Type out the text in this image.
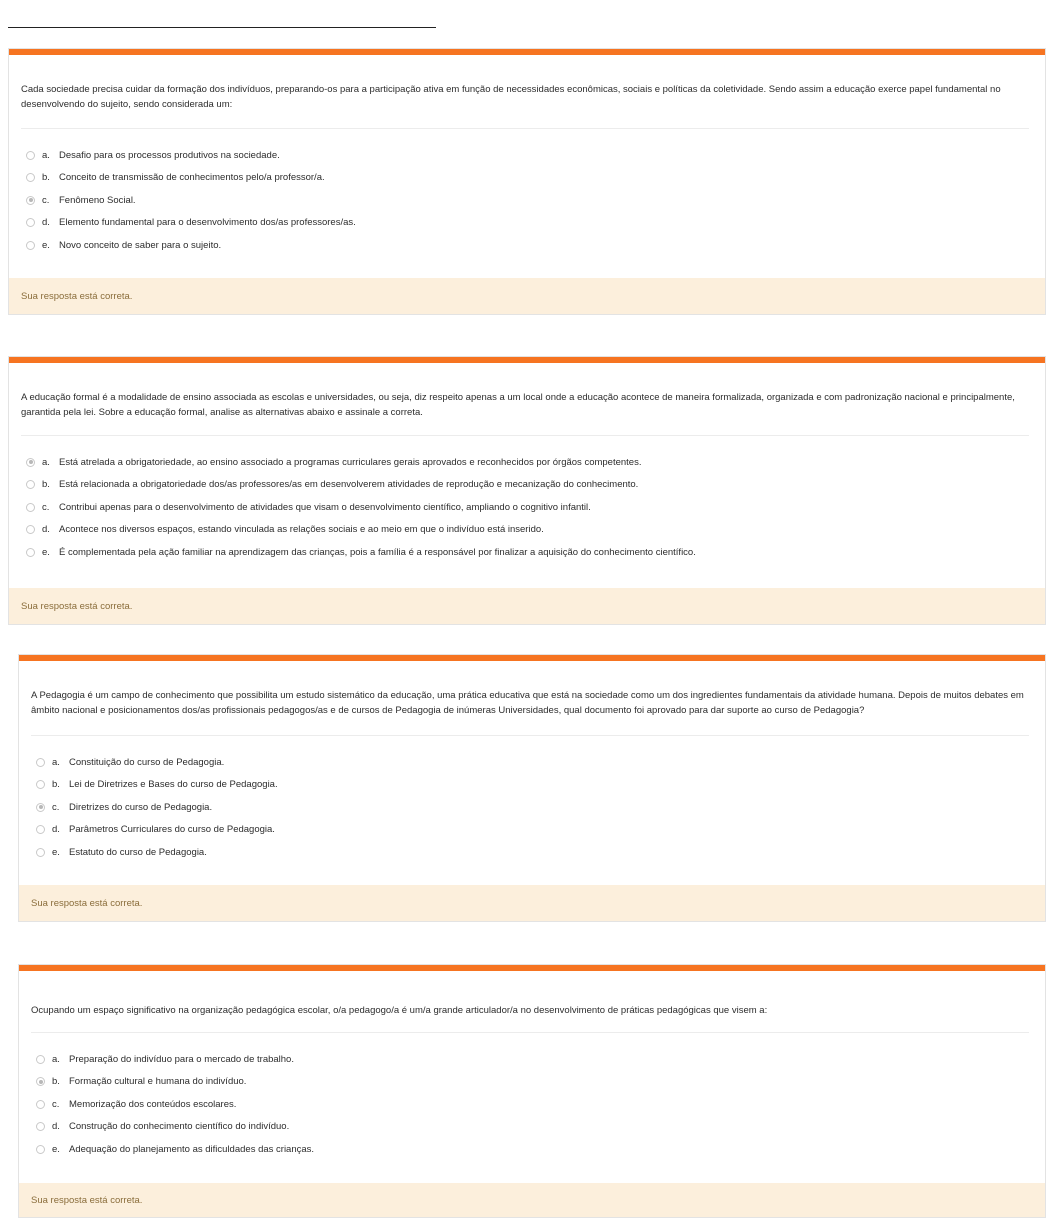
Cada sociedade precisa cuidar da formação dos indivíduos, preparando-os para a participação ativa em função de necessidades econômicas, sociais e políticas da coletividade. Sendo assim a educação exerce papel fundamental no desenvolvendo do sujeito, sendo considerada um:
a. Desafio para os processos produtivos na sociedade.
b. Conceito de transmissão de conhecimentos pelo/a professor/a.
c.	Fenômeno Social.
d. Elemento fundamental para o desenvolvimento dos/as professores/as.
e. Novo conceito de saber para o sujeito.
Sua resposta está correta.
A educação formal é a modalidade de ensino associada as escolas e universidades, ou seja, diz respeito apenas a um local onde a educação acontece de maneira formalizada, organizada e com padronização nacional e principalmente, garantida pela lei. Sobre a educação formal, analise as alternativas abaixo e assinale a correta.
a. Está atrelada a obrigatoriedade, ao ensino associado a programas curriculares gerais aprovados e reconhecidos por órgãos competentes.
b. Está relacionada a obrigatoriedade dos/as professores/as em desenvolverem atividades de reprodução e mecanização do conhecimento.
c.	Contribui apenas para o desenvolvimento de atividades que visam o desenvolvimento científico, ampliando o cognitivo infantil.
d. Acontece nos diversos espaços, estando vinculada as relações sociais e ao meio em que o indivíduo está inserido.
e. É complementada pela ação familiar na aprendizagem das crianças, pois a família é a responsável por finalizar a aquisição do conhecimento científico.
Sua resposta está correta.
A Pedagogia é um campo de conhecimento que possibilita um estudo sistemático da educação, uma prática educativa que está na sociedade como um dos ingredientes fundamentais da atividade humana. Depois de muitos debates em âmbito nacional e posicionamentos dos/as profissionais pedagogos/as e de cursos de Pedagogia de inúmeras Universidades, qual documento foi aprovado para dar suporte ao curso de Pedagogia?
a. Constituição do curso de Pedagogia.
b. Lei de Diretrizes e Bases do curso de Pedagogia.
c.	Diretrizes do curso de Pedagogia.
d. Parâmetros Curriculares do curso de Pedagogia.
e. Estatuto do curso de Pedagogia.
Sua resposta está correta.
Ocupando um espaço significativo na organização pedagógica escolar, o/a pedagogo/a é um/a grande articulador/a no desenvolvimento de práticas pedagógicas que visem a:
a. Preparação do indivíduo para o mercado de trabalho.
b. Formação cultural e humana do indivíduo.
c.	Memorização dos conteúdos escolares.
d. Construção do conhecimento científico do indivíduo.
e. Adequação do planejamento as dificuldades das crianças.
Sua resposta está correta.
